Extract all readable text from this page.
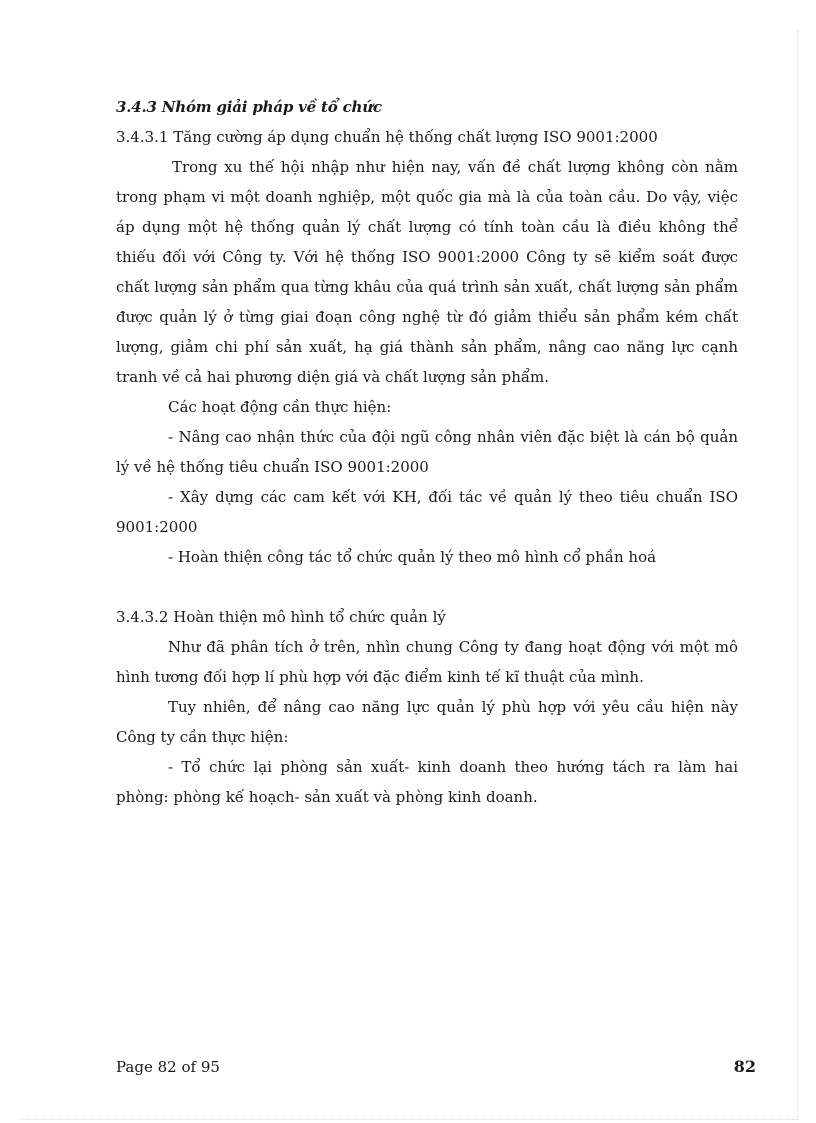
3.4.3 Nhóm giải pháp về tổ chức

3.4.3.1 Tăng cường áp dụng chuẩn hệ thống chất lượng ISO 9001:2000

Trong xu thế hội nhập như hiện nay, vấn đề chất lượng không còn nằm trong phạm vi một doanh nghiệp, một quốc gia mà là của toàn cầu. Do vậy, việc áp dụng một hệ thống quản lý chất lượng có tính toàn cầu là điều không thể thiếu đối với Công ty. Với hệ thống ISO 9001:2000 Công ty sẽ kiểm soát được chất lượng sản phẩm qua từng khâu của quá trình sản xuất, chất lượng sản phẩm được quản lý ở từng giai đoạn công nghệ từ đó giảm thiểu sản phẩm kém chất lượng, giảm chi phí sản xuất, hạ giá thành sản phẩm, nâng cao năng lực cạnh tranh về cả hai phương diện giá và chất lượng sản phẩm.

Các hoạt động cần thực hiện:

- Nâng cao nhận thức của đội ngũ công nhân viên đặc biệt là cán bộ quản lý về hệ thống tiêu chuẩn ISO 9001:2000

- Xây dựng các cam kết với KH, đối tác về quản lý theo tiêu chuẩn ISO 9001:2000

- Hoàn thiện công tác tổ chức quản lý theo mô hình cổ phần hoá

3.4.3.2 Hoàn thiện mô hình tổ chức quản lý

Như đã phân tích ở trên, nhìn chung Công ty đang hoạt động với một mô hình tương đối hợp lí phù hợp với đặc điểm kinh tế kĩ thuật của mình.

Tuy nhiên, để nâng cao năng lực quản lý phù hợp với yêu cầu hiện này Công ty cần thực hiện:

- Tổ chức lại phòng sản xuất- kinh doanh theo hướng tách ra làm hai phòng: phòng kế hoạch- sản xuất và phòng kinh doanh.

Page 82 of 95	82
